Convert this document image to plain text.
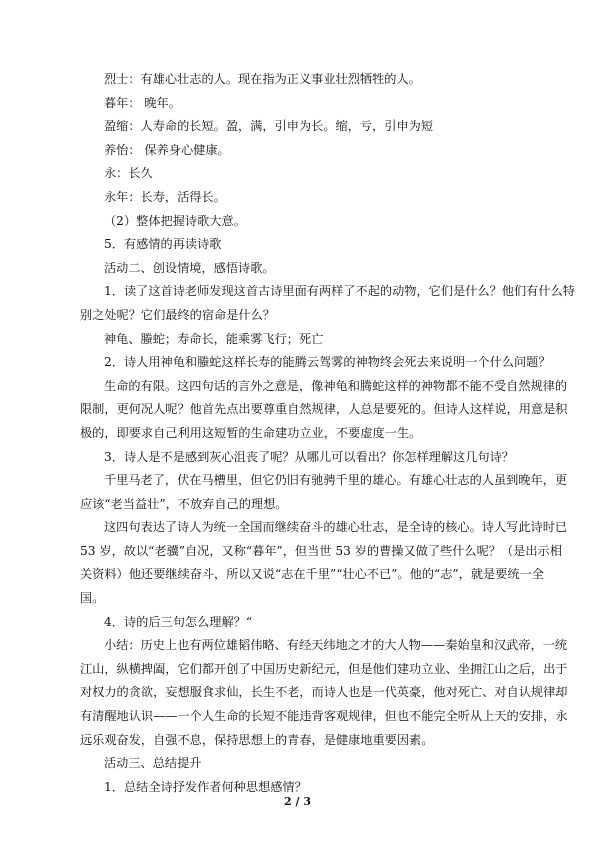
烈士：有雄心壮志的人。现在指为正义事业壮烈牺牲的人。
暮年： 晚年。
盈缩：人寿命的长短。盈，满，引申为长。缩，亏，引申为短
养怡： 保养身心健康。
永：长久
永年：长寿，活得长。
（2）整体把握诗歌大意。
5．有感情的再读诗歌
活动二、创设情境，感悟诗歌。
1．读了这首诗老师发现这首古诗里面有两样了不起的动物，它们是什么？他们有什么特
别之处呢？它们最终的宿命是什么？
神龟、螣蛇；寿命长，能乘雾飞行；死亡
2．诗人用神龟和螣蛇这样长寿的能腾云驾雾的神物终会死去来说明一个什么问题？
生命的有限。这四句话的言外之意是，像神龟和腾蛇这样的神物都不能不受自然规律的
限制，更何况人呢？他首先点出要尊重自然规律，人总是要死的。但诗人这样说，用意是积
极的，即要求自己利用这短暂的生命建功立业，不要虚度一生。
3．诗人是不是感到灰心沮丧了呢？从哪儿可以看出？你怎样理解这几句诗？
千里马老了，伏在马槽里，但它仍旧有驰骋千里的雄心。有雄心壮志的人虽到晚年，更
应该“老当益壮”，不放弃自己的理想。
这四句表达了诗人为统一全国而继续奋斗的雄心壮志，是全诗的核心。诗人写此诗时已
53 岁，故以“老骥”自况，又称“暮年”，但当世 53 岁的曹操又做了些什么呢？（是出示相
关资料）他还要继续奋斗，所以又说“志在千里”“壮心不已”。他的“志”，就是要统一全
国。
4．诗的后三句怎么理解？“
小结：历史上也有两位雄韬伟略、有经天纬地之才的大人物——秦始皇和汉武帝，一统
江山，纵横捭阖，它们都开创了中国历史新纪元，但是他们建功立业、坐拥江山之后，出于
对权力的贪欲，妄想服食求仙，长生不老，而诗人也是一代英豪，他对死亡、对自认规律却
有清醒地认识——一个人生命的长短不能违背客观规律，但也不能完全听从上天的安排，永
远乐观奋发，自强不息，保持思想上的青春，是健康地重要因素。
活动三、总结提升
1．总结全诗抒发作者何种思想感情？
2 / 3
